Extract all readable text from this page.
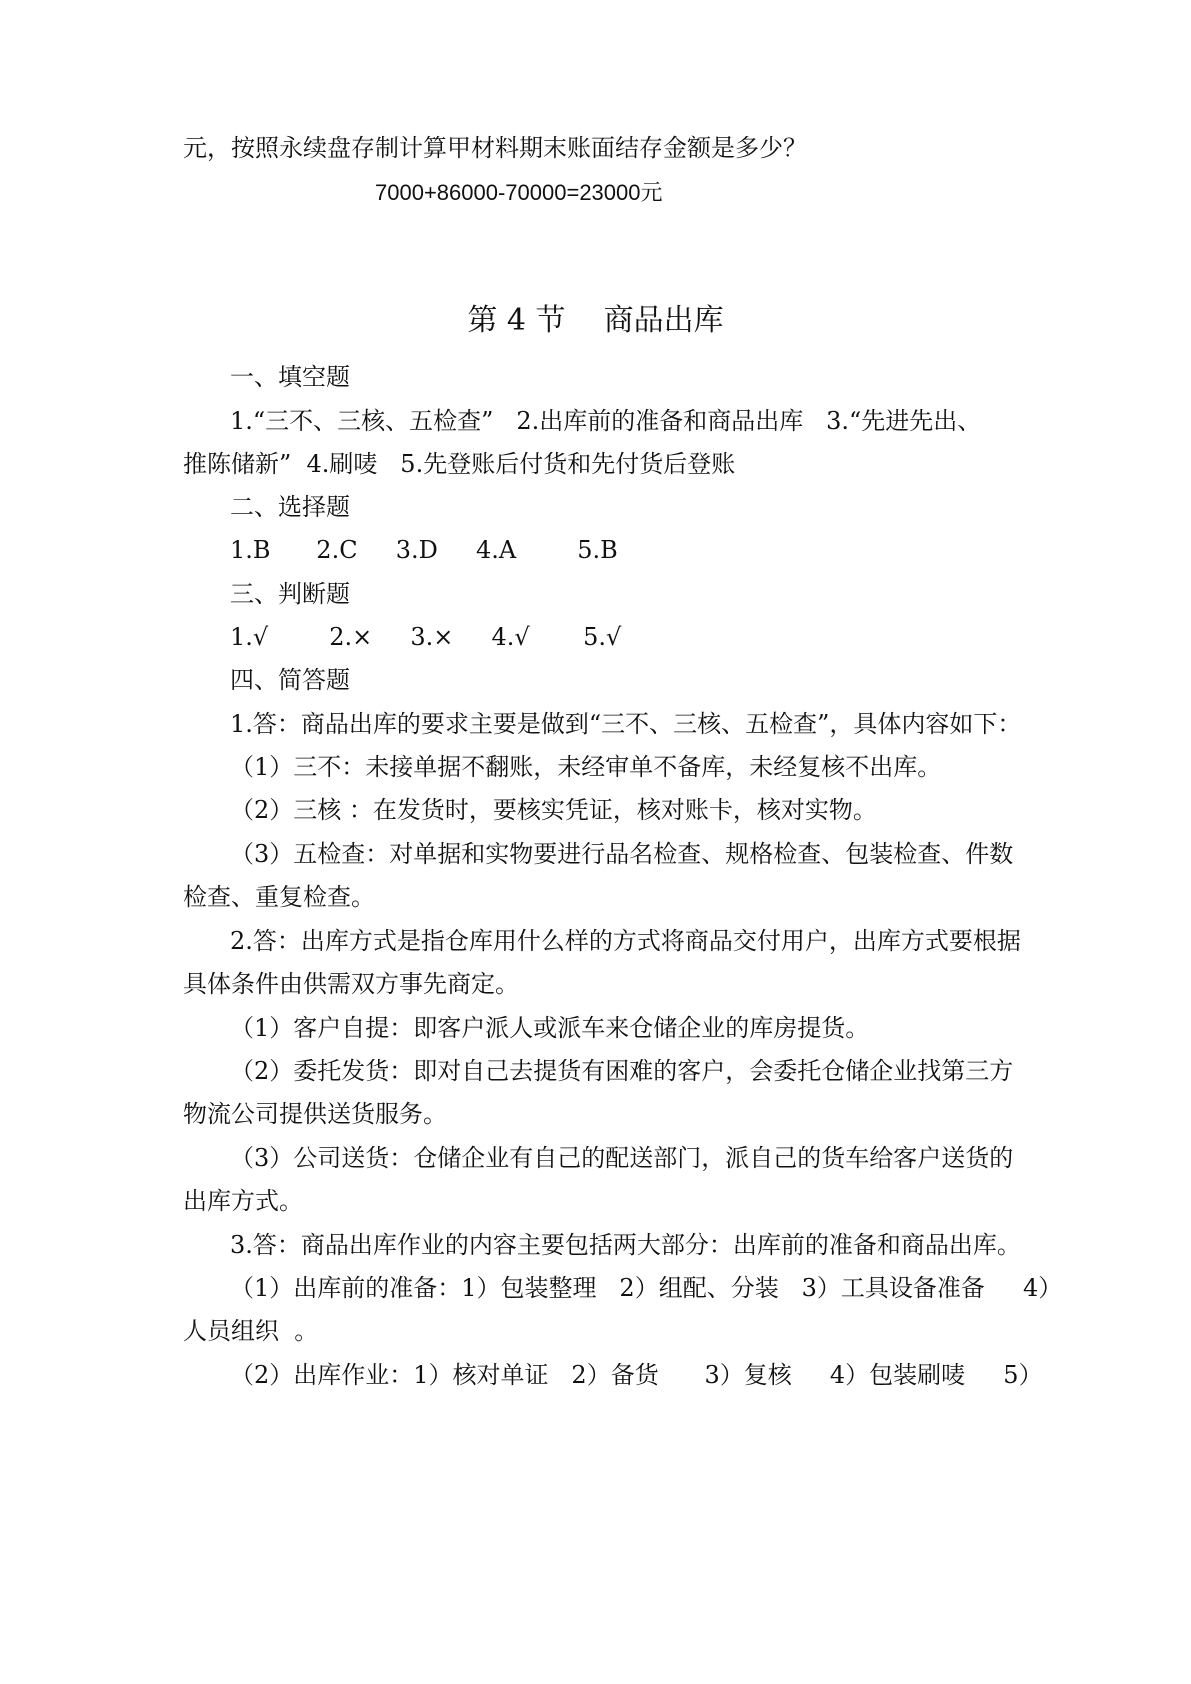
元，按照永续盘存制计算甲材料期末账面结存金额是多少？
7000+86000-70000=23000元
第 4 节    商品出库
一、填空题
1.“三不、三核、五检查”   2.出库前的准备和商品出库   3.“先进先出、
推陈储新”  4.刷唛   5.先登账后付货和先付货后登账
二、选择题
1.B      2.C     3.D     4.A        5.B
三、判断题
1.√        2.×     3.×     4.√       5.√
四、简答题
1.答：商品出库的要求主要是做到“三不、三核、五检查”，具体内容如下：
（1）三不：未接单据不翻账，未经审单不备库，未经复核不出库。
（2）三核 ：在发货时，要核实凭证，核对账卡，核对实物。
（3）五检查：对单据和实物要进行品名检查、规格检查、包装检查、件数
检查、重复检查。
2.答：出库方式是指仓库用什么样的方式将商品交付用户，出库方式要根据
具体条件由供需双方事先商定。
（1）客户自提：即客户派人或派车来仓储企业的库房提货。
（2）委托发货：即对自己去提货有困难的客户，会委托仓储企业找第三方
物流公司提供送货服务。
（3）公司送货：仓储企业有自己的配送部门，派自己的货车给客户送货的
出库方式。
3.答：商品出库作业的内容主要包括两大部分：出库前的准备和商品出库。
（1）出库前的准备：1）包装整理   2）组配、分装   3）工具设备准备     4）
人员组织  。
（2）出库作业：1）核对单证   2）备货      3）复核     4）包装刷唛     5）
